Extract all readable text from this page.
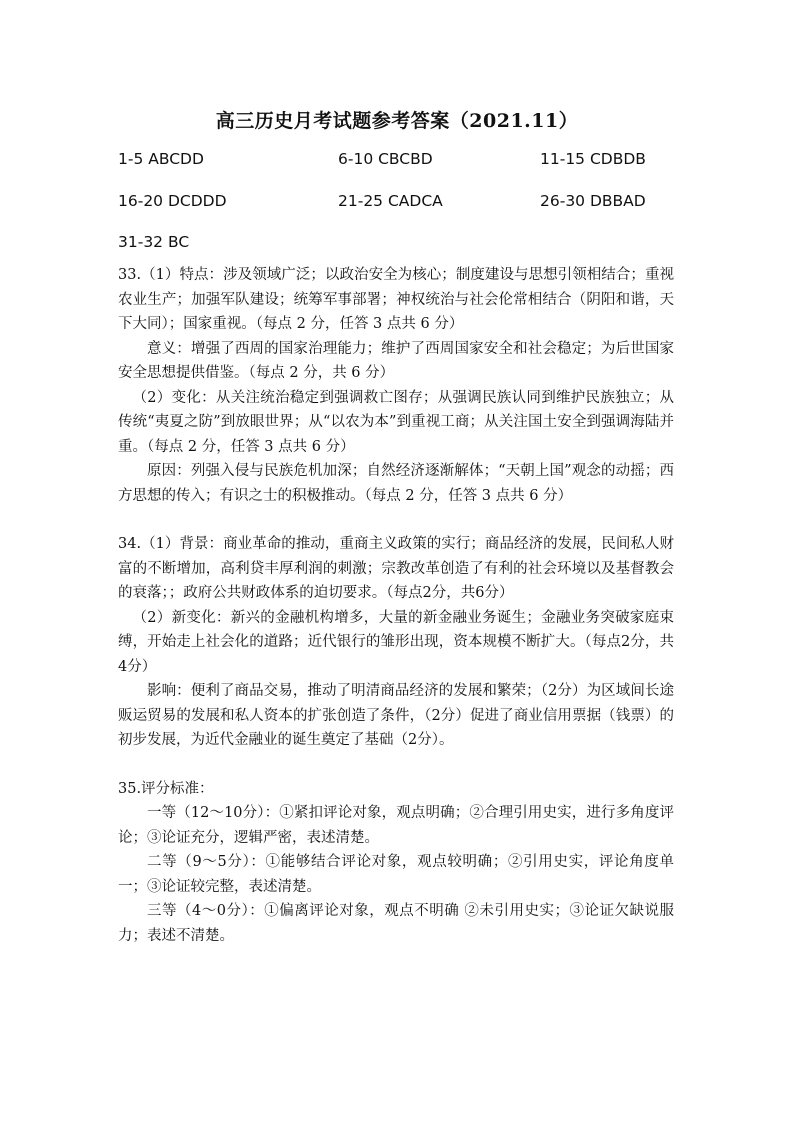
高三历史月考试题参考答案（2021.11）
1-5 ABCDD	6-10 CBCBD	11-15 CDBDB
16-20 DCDDD	21-25 CADCA	26-30 DBBAD
31-32 BC

33.（1）特点：涉及领域广泛；以政治安全为核心；制度建设与思想引领相结合；重视农业生产；加强军队建设；统筹军事部署；神权统治与社会伦常相结合（阴阳和谐，天下大同）；国家重视。（每点 2 分，任答 3 点共 6 分）

意义：增强了西周的国家治理能力；维护了西周国家安全和社会稳定；为后世国家安全思想提供借鉴。（每点 2 分，共 6 分）

（2）变化：从关注统治稳定到强调救亡图存；从强调民族认同到维护民族独立；从传统“夷夏之防”到放眼世界；从“以农为本”到重视工商；从关注国土安全到强调海陆并重。（每点 2 分，任答 3 点共 6 分）

原因：列强入侵与民族危机加深；自然经济逐渐解体；“天朝上国”观念的动摇；西方思想的传入；有识之士的积极推动。（每点 2 分，任答 3 点共 6 分）

34.（1）背景：商业革命的推动，重商主义政策的实行；商品经济的发展，民间私人财富的不断增加，高利贷丰厚利润的刺激；宗教改革创造了有利的社会环境以及基督教会的衰落；；政府公共财政体系的迫切要求。（每点2分，共6分）

（2）新变化：新兴的金融机构增多，大量的新金融业务诞生；金融业务突破家庭束缚，开始走上社会化的道路；近代银行的雏形出现，资本规模不断扩大。（每点2分，共4分）

影响：便利了商品交易，推动了明清商品经济的发展和繁荣；（2分）为区域间长途贩运贸易的发展和私人资本的扩张创造了条件，（2分）促进了商业信用票据（钱票）的初步发展，为近代金融业的诞生奠定了基础（2分）。

35.评分标准：

一等（12～10分）：①紧扣评论对象，观点明确；②合理引用史实，进行多角度评论；③论证充分，逻辑严密，表述清楚。

二等（9～5分）：①能够结合评论对象，观点较明确；②引用史实，评论角度单一；③论证较完整，表述清楚。

三等（4～0分）：①偏离评论对象，观点不明确 ②未引用史实；③论证欠缺说服力；表述不清楚。
